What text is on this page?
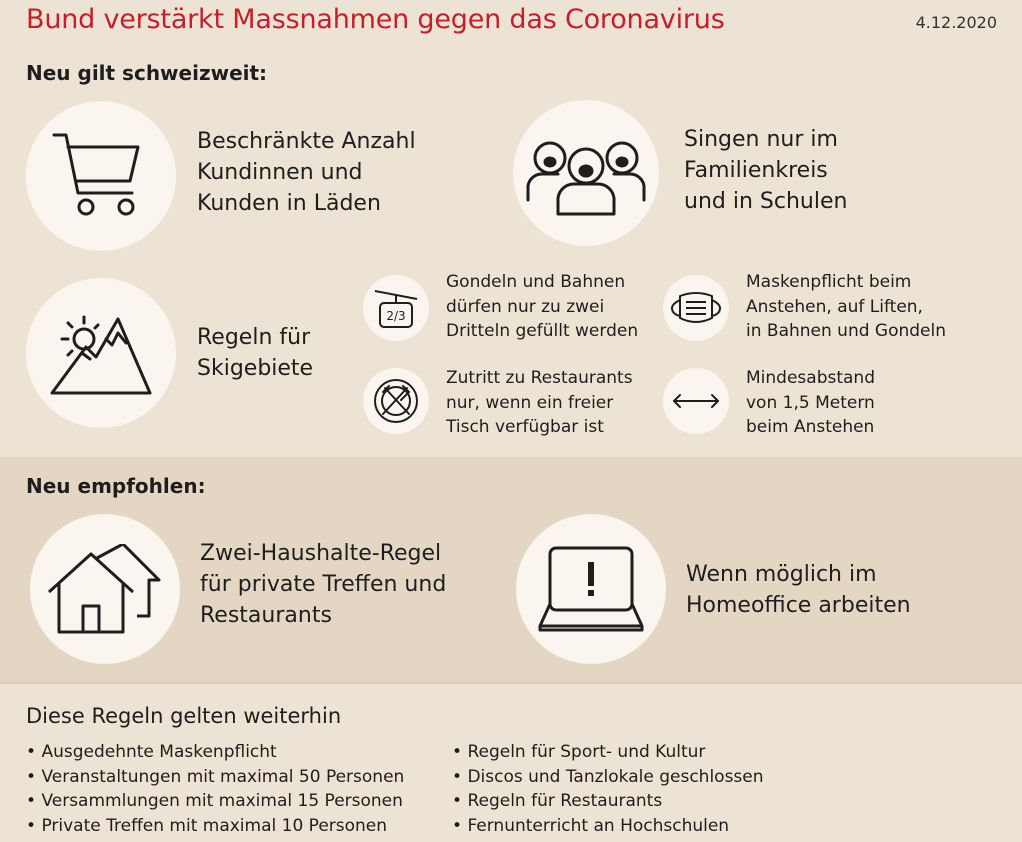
Bund verstärkt Massnahmen gegen das Coronavirus	4.12.2020
Neu gilt schweizweit:
Beschränkte Anzahl
Kundinnen und
Kunden in Läden
Singen nur im
Familienkreis
und in Schulen
Regeln für
Skigebiete
2/3
Gondeln und Bahnen
dürfen nur zu zwei
Dritteln gefüllt werden
Maskenpflicht beim
Anstehen, auf Liften,
in Bahnen und Gondeln
Zutritt zu Restaurants
nur, wenn ein freier
Tisch verfügbar ist
Mindesabstand
von 1,5 Metern
beim Anstehen
Neu empfohlen:
Zwei-Haushalte-Regel
für private Treffen und
Restaurants
Wenn möglich im
Homeoffice arbeiten
Diese Regeln gelten weiterhin
• Ausgedehnte Maskenpflicht
• Veranstaltungen mit maximal 50 Personen
• Versammlungen mit maximal 15 Personen
• Private Treffen mit maximal 10 Personen
• Regeln für Sport- und Kultur
• Discos und Tanzlokale geschlossen
• Regeln für Restaurants
• Fernunterricht an Hochschulen
